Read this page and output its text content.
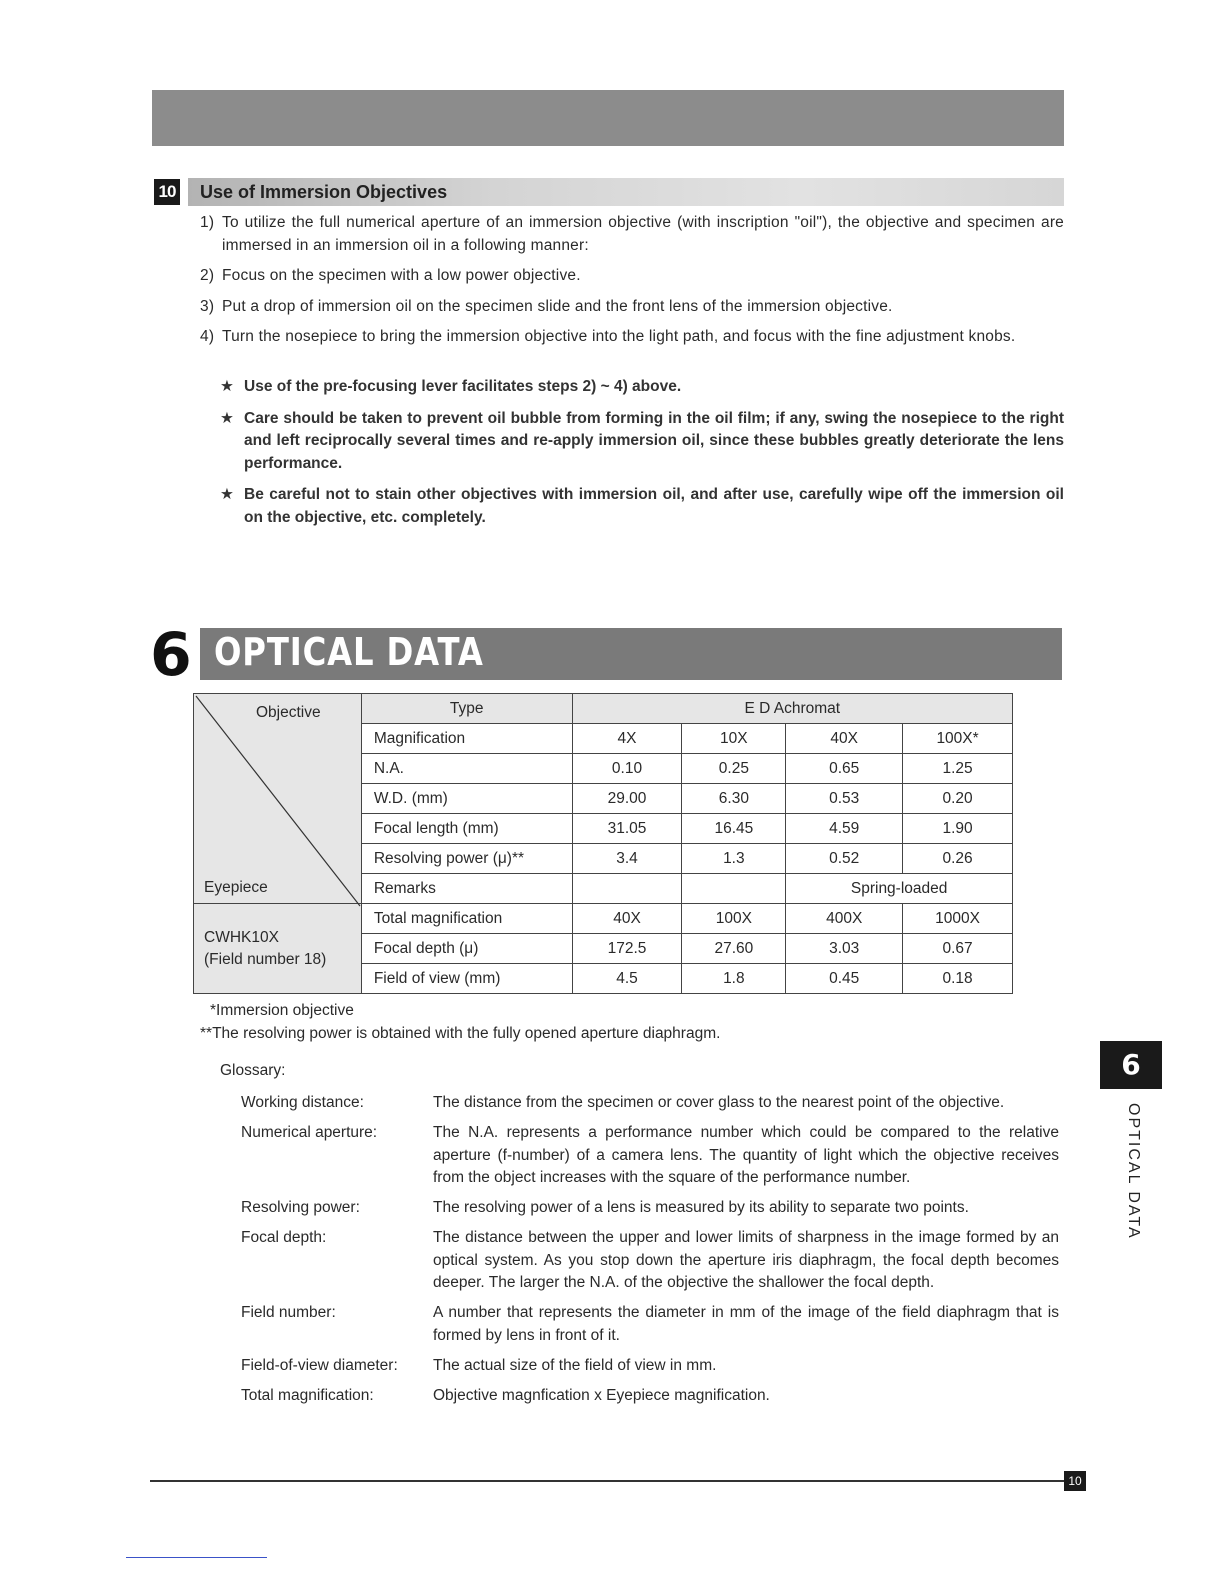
10 Use of Immersion Objectives
1) To utilize the full numerical aperture of an immersion objective (with inscription "oil"), the objective and specimen are immersed in an immersion oil in a following manner:
2) Focus on the specimen with a low power objective.
3) Put a drop of immersion oil on the specimen slide and the front lens of the immersion objective.
4) Turn the nosepiece to bring the immersion objective into the light path, and focus with the fine adjustment knobs.
★ Use of the pre-focusing lever facilitates steps 2) ~ 4) above.
★ Care should be taken to prevent oil bubble from forming in the oil film; if any, swing the nosepiece to the right and left reciprocally several times and re-apply immersion oil, since these bubbles greatly deteriorate the lens performance.
★ Be careful not to stain other objectives with immersion oil, and after use, carefully wipe off the immersion oil on the objective, etc. completely.
6 OPTICAL DATA
Objective
Eyepiece	Type	E D Achromat			
	Magnification	4X	10X	40X	100X*
	N.A.	0.10	0.25	0.65	1.25
	W.D. (mm)	29.00	6.30	0.53	0.20
	Focal length (mm)	31.05	16.45	4.59	1.90
	Resolving power (μ)**	3.4	1.3	0.52	0.26
	Remarks			Spring-loaded	

CWHK10X
(Field number 18)	Total magnification	40X	100X	400X	1000X
	Focal depth (μ)	172.5	27.60	3.03	0.67
	Field of view (mm)	4.5	1.8	0.45	0.18
*Immersion objective
**The resolving power is obtained with the fully opened aperture diaphragm.
Glossary:
Working distance:	The distance from the specimen or cover glass to the nearest point of the objective.
Numerical aperture:	The N.A. represents a performance number which could be compared to the relative aperture (f-number) of a camera lens. The quantity of light which the objective receives from the object increases with the square of the performance number.
Resolving power:	The resolving power of a lens is measured by its ability to separate two points.
Focal depth:	The distance between the upper and lower limits of sharpness in the image formed by an optical system. As you stop down the aperture iris diaphragm, the focal depth becomes deeper. The larger the N.A. of the objective the shallower the focal depth.
Field number:	A number that represents the diameter in mm of the image of the field diaphragm that is formed by lens in front of it.
Field-of-view diameter: The actual size of the field of view in mm.
Total magnification:	Objective magnfication x Eyepiece magnification.
6
OPTICAL DATA
10
